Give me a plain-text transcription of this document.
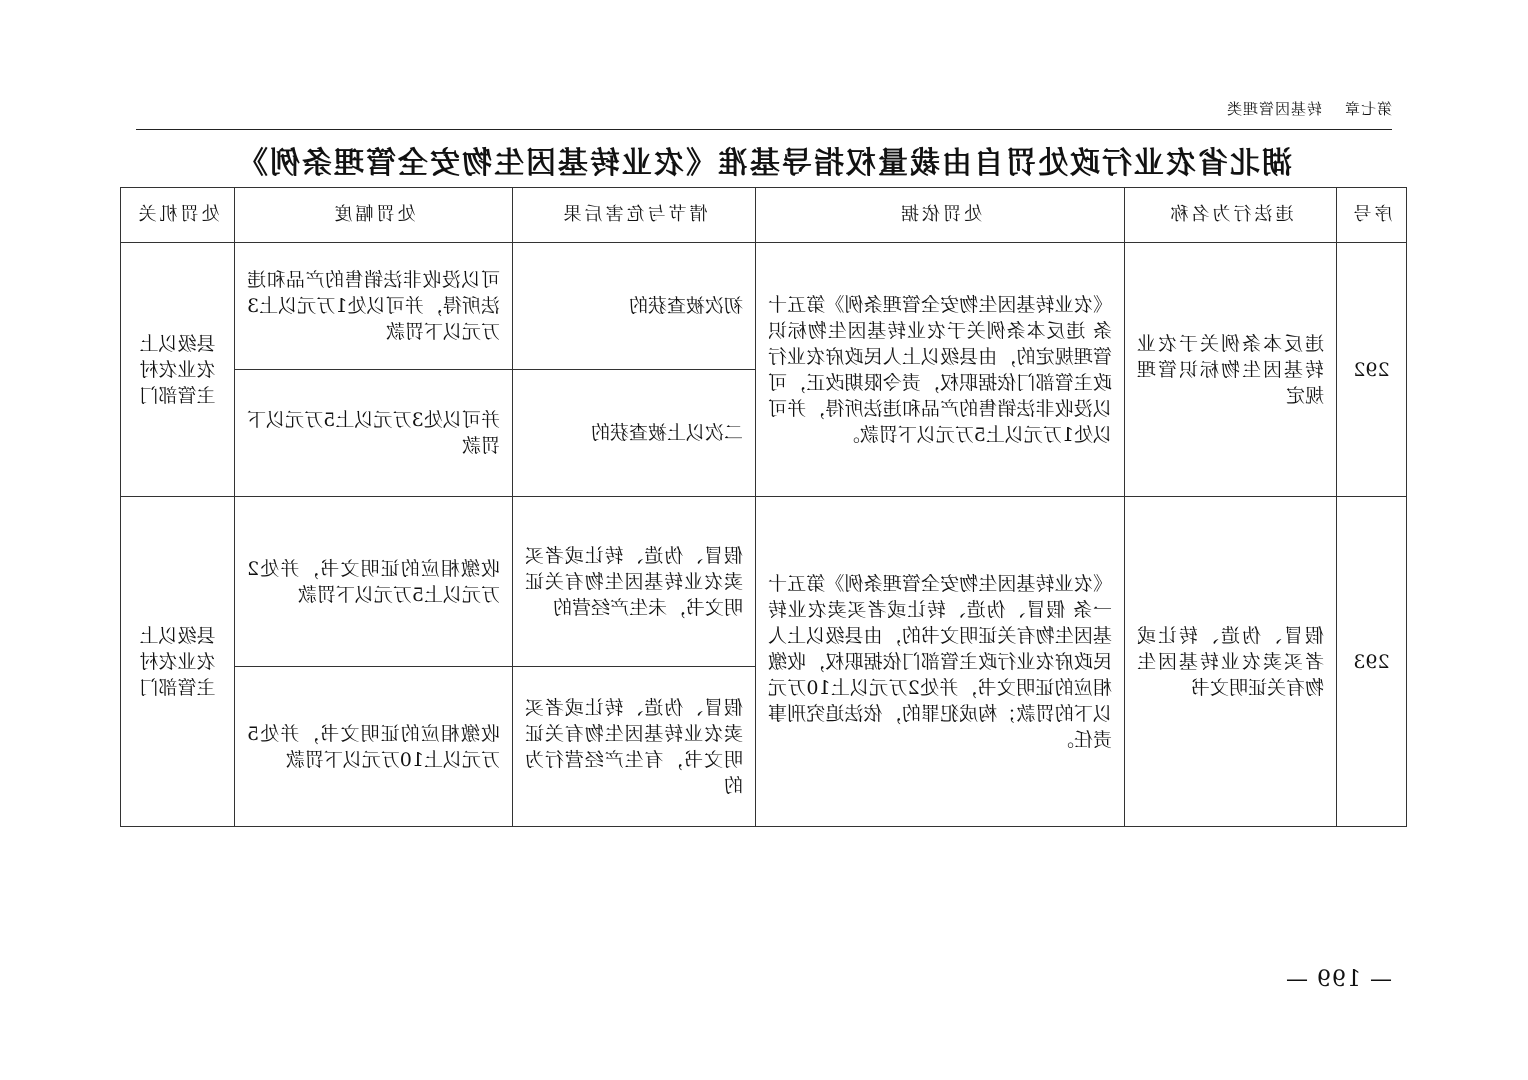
第七章转基因管理类
湖北省农业行政处罚自由裁量权指导基准《农业转基因生物安全管理条例》
序号	违法行为名称	处罚依据	情节与危害后果	处罚幅度	处罚机关
292	违反本条例关于农业转基因生物标识管理规定	《农业转基因生物安全管理条例》第五十条 违反本条例关于农业转基因生物标识管理规定的，由县级以上人民政府农业行政主管部门依据职权，责令限期改正，可以没收非法销售的产品和违法所得，并可以处1万元以上5万元以下罚款。	初次被查获的	可以没收非法销售的产品和违法所得，并可以处1万元以上3万元以下罚款	县级以上农业农村主管部门
			二次以上被查获的	并可以处3万元以上5万元以下罚款	
293	假冒、伪造、转让或者买卖农业转基因生物有关证明文书	《农业转基因生物安全管理条例》第五十一条 假冒、伪造、转让或者买卖农业转基因生物有关证明文书的，由县级以上人民政府农业行政主管部门依据职权，收缴相应的证明文书，并处2万元以上10万元以下的罚款；构成犯罪的，依法追究刑事责任。	假冒、伪造、转让或者买卖农业转基因生物有关证明文书，未生产经营的	收缴相应的证明文书，并处2万元以上5万元以下罚款	县级以上农业农村主管部门
			假冒、伪造、转让或者买卖农业转基因生物有关证明文书，有生产经营行为的	收缴相应的证明文书，并处5万元以上10万元以下罚款	
— 199 —
